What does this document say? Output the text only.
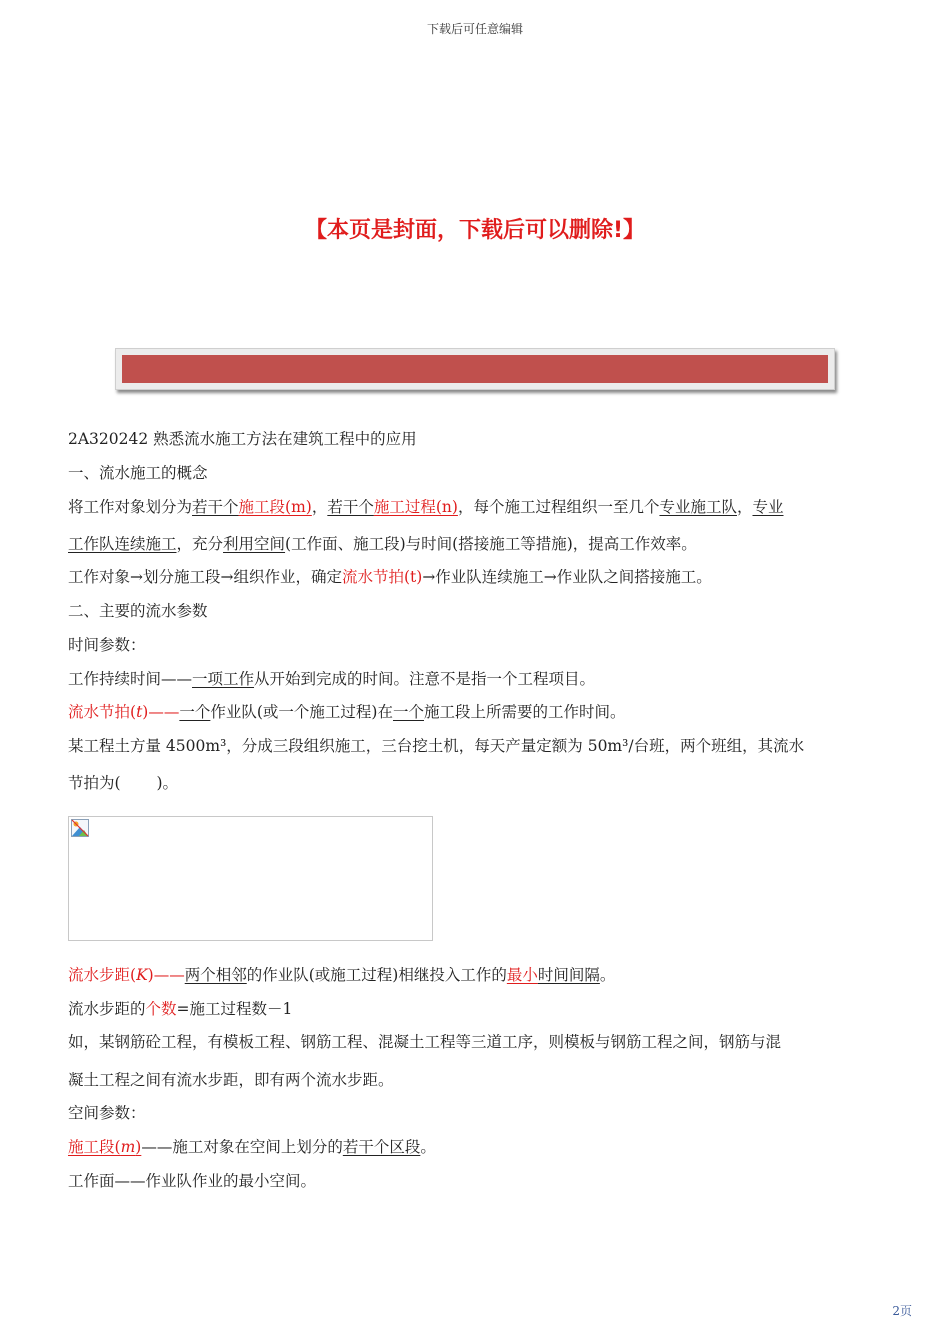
下载后可任意编辑
【本页是封面，下载后可以删除!】
2A320242 熟悉流水施工方法在建筑工程中的应用
一、流水施工的概念
将工作对象划分为若干个施工段(m)，若干个施工过程(n)，每个施工过程组织一至几个专业施工队，专业
工作队连续施工，充分利用空间(工作面、施工段)与时间(搭接施工等措施)，提高工作效率。
工作对象→划分施工段→组织作业，确定流水节拍(t)→作业队连续施工→作业队之间搭接施工。
二、主要的流水参数
时间参数：
工作持续时间——一项工作从开始到完成的时间。注意不是指一个工程项目。
流水节拍(t)——一个作业队(或一个施工过程)在一个施工段上所需要的工作时间。
某工程土方量 4500m³，分成三段组织施工，三台挖土机，每天产量定额为 50m³/台班，两个班组，其流水
节拍为(　　 )。
流水步距(K)——两个相邻的作业队(或施工过程)相继投入工作的最小时间间隔。
流水步距的个数=施工过程数－1
如，某钢筋砼工程，有模板工程、钢筋工程、混凝土工程等三道工序，则模板与钢筋工程之间，钢筋与混
凝土工程之间有流水步距，即有两个流水步距。
空间参数：
施工段(m)——施工对象在空间上划分的若干个区段。
工作面——作业队作业的最小空间。
2页
